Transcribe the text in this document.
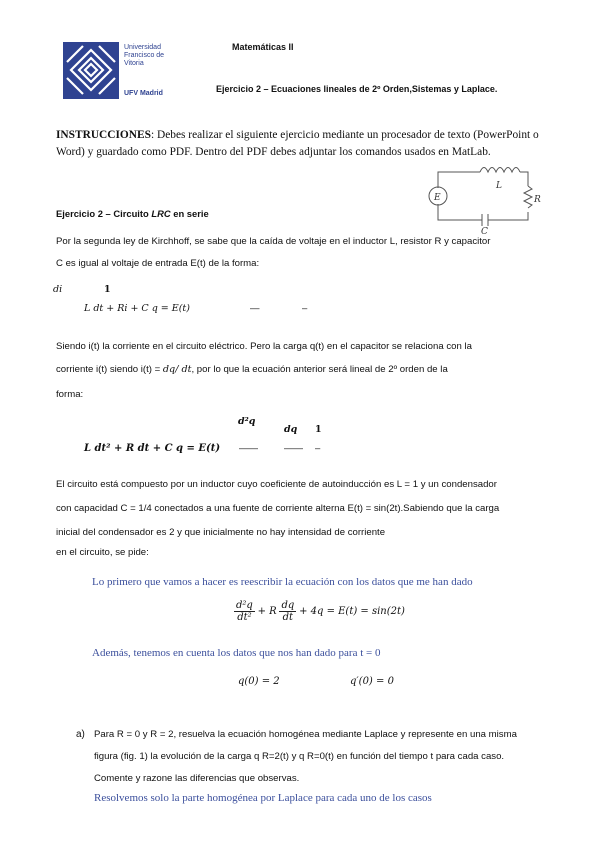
Universidad
Francisco de
Vitoria
UFV Madrid
Matemáticas II
Ejercicio 2 – Ecuaciones lineales de 2º Orden,Sistemas y Laplace.
INSTRUCCIONES: Debes realizar el siguiente ejercicio mediante un procesador de texto (PowerPoint o
Word) y guardado como PDF. Dentro del PDF debes adjuntar los comandos usados en MatLab.
E
L
R
C
Ejercicio 2 – Circuito LRC en serie
Por la segunda ley de Kirchhoff, se sabe que la caída de voltaje en el inductor L, resistor R y capacitor
C es igual al voltaje de entrada E(t) de la forma:
di	1
L dt + Ri + C q = E(t)	—	–
Siendo i(t) la corriente en el circuito eléctrico. Pero la carga q(t) en el capacitor se relaciona con la
corriente i(t) siendo i(t) = dq/ dt, por lo que la ecuación anterior será lineal de 2º orden de la
forma:
d²q
dq 1
L dt² + R dt + C q = E(t) ——	—— –
El circuito está compuesto por un inductor cuyo coeficiente de autoinducción es L = 1 y un condensador
con capacidad C = 1/4 conectados a una fuente de corriente alterna E(t) = sin(2t).Sabiendo que la carga
inicial del condensador es 2 y que inicialmente no hay intensidad de corriente
en el circuito, se pide:
Lo primero que vamos a hacer es reescribir la ecuación con los datos que me han dado
$\frac{\text{d²q}}{\text{dt²}} + R \frac{dq}{dt} + 4q = E(t) = \sin(2t)$
Además, tenemos en cuenta los datos que nos han dado para t = 0
q(0) = 2	q′(0) = 0
a) Para R = 0 y R = 2, resuelva la ecuación homogénea mediante Laplace y represente en una misma
figura (fig. 1) la evolución de la carga q R=2(t) y q R=0(t) en función del tiempo t para cada caso.
Comente y razone las diferencias que observas.
Resolvemos solo la parte homogénea por Laplace para cada uno de los casos
